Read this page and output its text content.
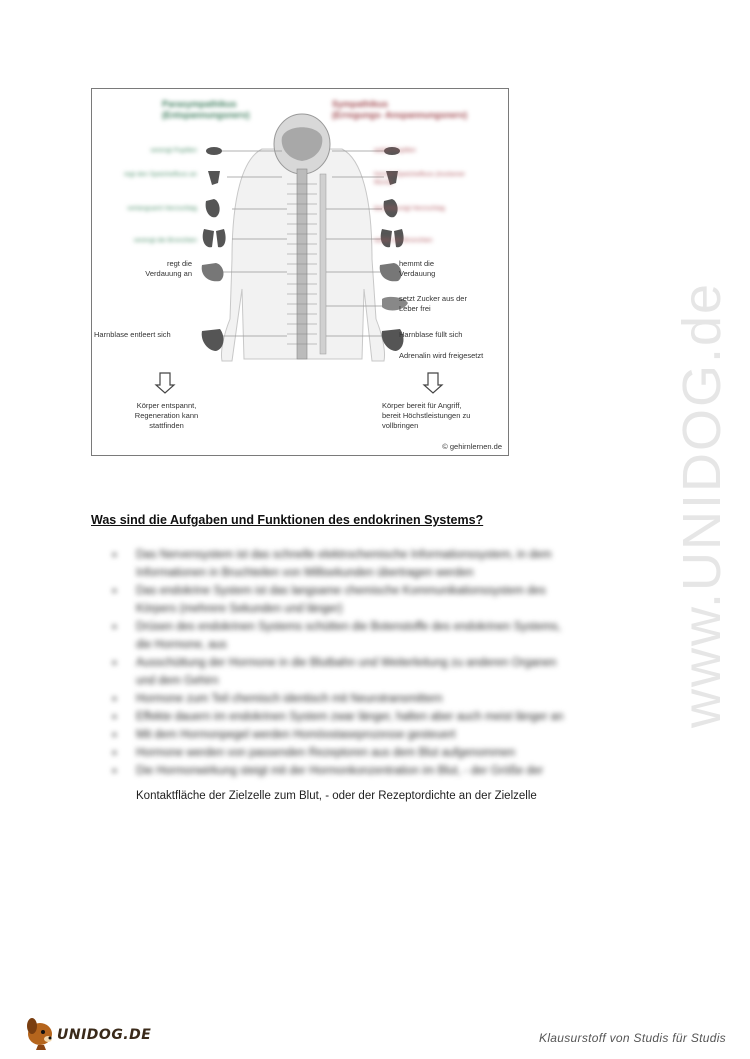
www.UNIDOG.de
Parasympathikus
(Entspannungsnerv)
Sympathikus
(Erregungs- Anspannungsnerv)
verengt Pupillen
regt den Speichelfluss an
verlangsamt Herzschlag
verengt die Bronchien
weitet Pupillen
hemmt Speichelfluss (trockener Mund)
beschleunigt Herzschlag
weitet die Bronchien
regt die
Verdauung an
hemmt die
Verdauung
setzt Zucker aus der
Leber frei
Harnblase entleert sich	Harnblase füllt sich
Adrenalin wird freigesetzt
Körper entspannt,
Regeneration kann
stattfinden
Körper bereit für Angriff,
bereit Höchstleistungen zu
vollbringen
© gehirnlernen.de
Was sind die Aufgaben und Funktionen des endokrinen Systems?
● Das Nervensystem ist das schnelle elektrochemische Informationssystem, in dem
Informationen in Bruchteilen von Millisekunden übertragen werden
● Das endokrine System ist das langsame chemische Kommunikationssystem des
Körpers (mehrere Sekunden und länger)
● Drüsen des endokrinen Systems schütten die Botenstoffe des endokrinen Systems,
die Hormone, aus
● Ausschüttung der Hormone in die Blutbahn und Weiterleitung zu anderen Organen
und dem Gehirn
● Hormone zum Teil chemisch identisch mit Neurotransmittern
● Effekte dauern im endokrinen System zwar länger, halten aber auch meist länger an
● Mit dem Hormonpegel werden Homöostaseprozesse gesteuert
● Hormone werden von passenden Rezeptoren aus dem Blut aufgenommen
● Die Hormonwirkung steigt mit der Hormonkonzentration im Blut, - der Größe der
Kontaktfläche der Zielzelle zum Blut, - oder der Rezeptordichte an der Zielzelle
UNIDOG.DE	Klausurstoff von Studis für Studis
